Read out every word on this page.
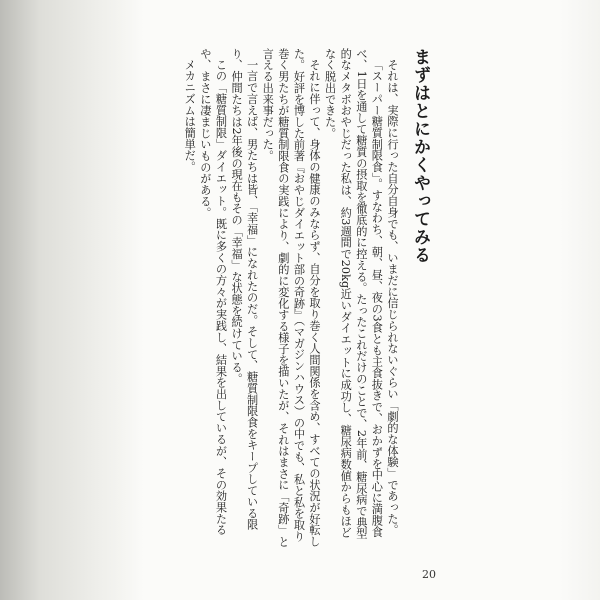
まずはとにかくやってみる

それは、実際に行った自分自身でも、いまだに信じられないぐらい「劇的な体験」であった。

「スーパー糖質制限食」。すなわち、朝、昼、夜の3食とも主食抜きで、おかずを中心に満腹食べ、1日を通して糖質の摂取を徹底的に控える。たったこれだけのことで、2年前、糖尿病で典型的なメタボおやじだった私は、約3週間で20kg近いダイエットに成功し、糖尿病数値からもほどなく脱出できた。

それに伴って、身体の健康のみならず、自分を取り巻く人間関係を含め、すべての状況が好転した。好評を博した前著『おやじダイエット部の奇跡』（マガジンハウス）の中でも、私と私を取り巻く男たちが糖質制限食の実践により、劇的に変化する様子を描いたが、それはまさに「奇跡」と言える出来事だった。

一言で言えば、男たちは皆、「幸福」になれたのだ。そして、糖質制限食をキープしている限り、仲間たちは2年後の現在もその「幸福」な状態を続けている。

この「糖質制限」ダイエット。既に多くの方々が実践し、結果を出しているが、その効果たるや、まさに凄まじいものがある。

メカニズムは簡単だ。

20
